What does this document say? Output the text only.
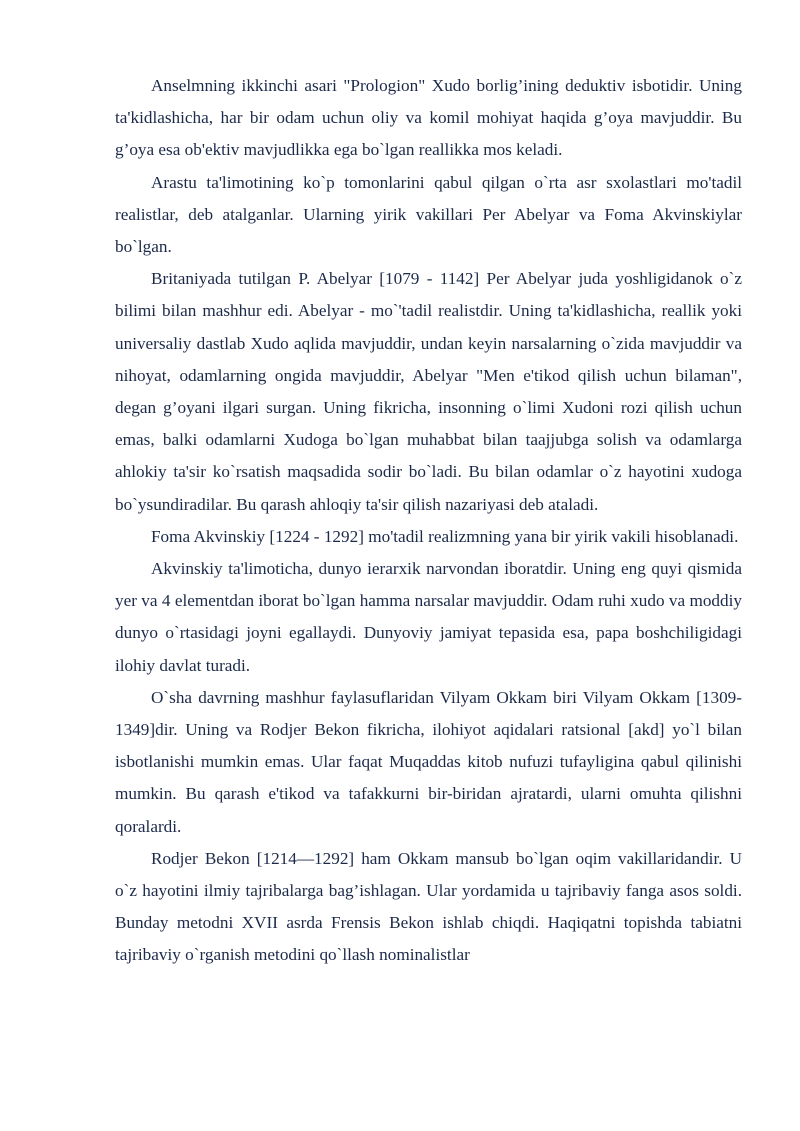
Anselmning ikkinchi asari "Prologion" Xudo borlig’ining deduktiv isbotidir. Uning ta'kidlashicha, har bir odam uchun oliy va komil mohiyat haqida g’oya mavjuddir. Bu g’oya esa ob'ektiv mavjudlikka ega bo`lgan reallikka mos keladi.

Arastu ta'limotining ko`p tomonlarini qabul qilgan o`rta asr sxolastlari mo'tadil realistlar, deb atalganlar. Ularning yirik vakillari Per Abelyar va Foma Akvinskiylar bo`lgan.

Britaniyada tutilgan P. Abelyar [1079 - 1142] Per Abelyar juda yoshligidanok o`z bilimi bilan mashhur edi. Abelyar - mo`'tadil realistdir. Uning ta'kidlashicha, reallik yoki universaliy dastlab Xudo aqlida mavjuddir, undan keyin narsalarning o`zida mavjuddir va nihoyat, odamlarning ongida mavjuddir, Abelyar "Men e'tikod qilish uchun bilaman", degan g’oyani ilgari surgan. Uning fikricha, insonning o`limi Xudoni rozi qilish uchun emas, balki odamlarni Xudoga bo`lgan muhabbat bilan taajjubga solish va odamlarga ahlokiy ta'sir ko`rsatish maqsadida sodir bo`ladi. Bu bilan odamlar o`z hayotini xudoga bo`ysundiradilar. Bu qarash ahloqiy ta'sir qilish nazariyasi deb ataladi.

Foma Akvinskiy [1224 - 1292] mo'tadil realizmning yana bir yirik vakili hisoblanadi.

Akvinskiy ta'limoticha, dunyo ierarxik narvondan iboratdir. Uning eng quyi qismida yer va 4 elementdan iborat bo`lgan hamma narsalar mavjuddir. Odam ruhi xudo va moddiy dunyo o`rtasidagi joyni egallaydi. Dunyoviy jamiyat tepasida esa, papa boshchiligidagi ilohiy davlat turadi.

O`sha davrning mashhur faylasuflaridan Vilyam Okkam biri Vilyam Okkam [1309-1349]dir. Uning va Rodjer Bekon fikricha, ilohiyot aqidalari ratsional [akd] yo`l bilan isbotlanishi mumkin emas. Ular faqat Muqaddas kitob nufuzi tufayligina qabul qilinishi mumkin. Bu qarash e'tikod va tafakkurni bir-biridan ajratardi, ularni omuhta qilishni qoralardi.

Rodjer Bekon [1214—1292] ham Okkam mansub bo`lgan oqim vakillaridandir. U o`z hayotini ilmiy tajribalarga bag’ishlagan. Ular yordamida u tajribaviy fanga asos soldi. Bunday metodni XVII asrda Frensis Bekon ishlab chiqdi. Haqiqatni topishda tabiatni tajribaviy o`rganish metodini qo`llash nominalistlar
